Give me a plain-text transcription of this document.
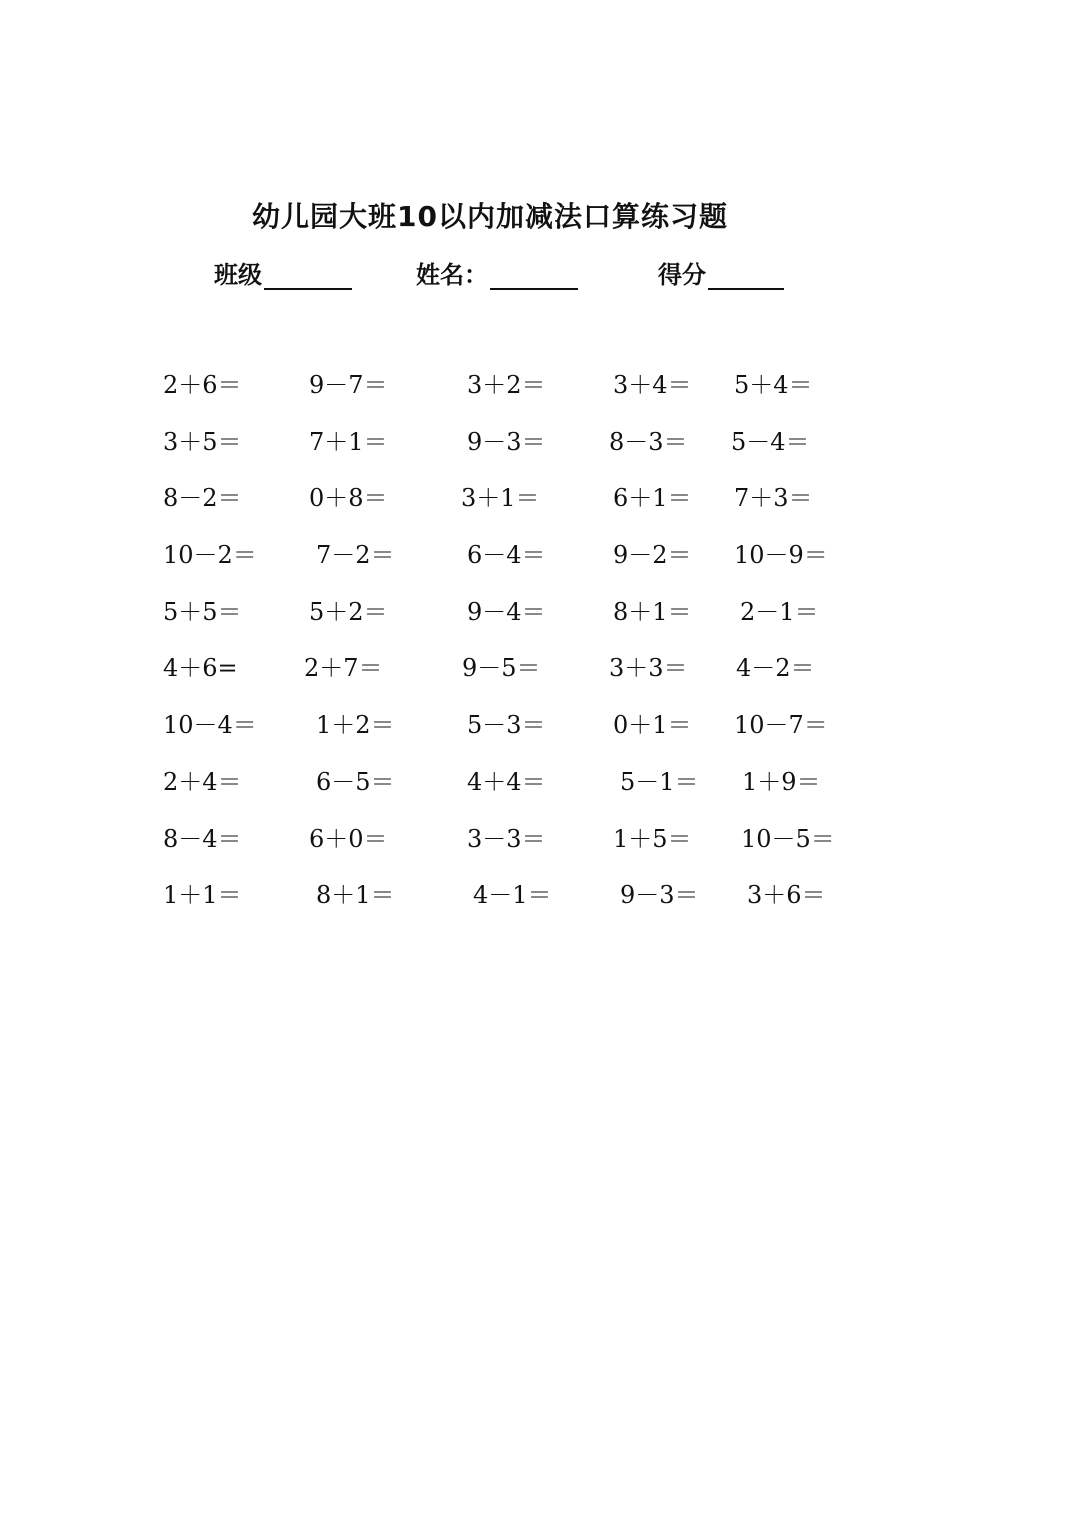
幼儿园大班10以内加减法口算练习题
班级	姓名：	得分
2＋6＝	9－7＝	3＋2＝	3＋4＝ 5＋4＝
3＋5＝	7＋1＝	9－3＝	8－3＝ 5－4＝
8－2＝	0＋8＝	3＋1＝	6＋1＝ 7＋3＝
10－2＝ 7－2＝	6－4＝	9－2＝ 10－9＝
5＋5＝	5＋2＝	9－4＝	8＋1＝ 2－1＝
4＋6=	2＋7＝	9－5＝	3＋3＝ 4－2＝
10－4＝ 1＋2＝	5－3＝	0＋1＝ 10－7＝
2＋4＝	6－5＝	4＋4＝	5－1＝ 1＋9＝
8－4＝	6＋0＝	3－3＝	1＋5＝ 10－5＝
1＋1＝	8＋1＝	4－1＝	9－3＝ 3＋6＝
